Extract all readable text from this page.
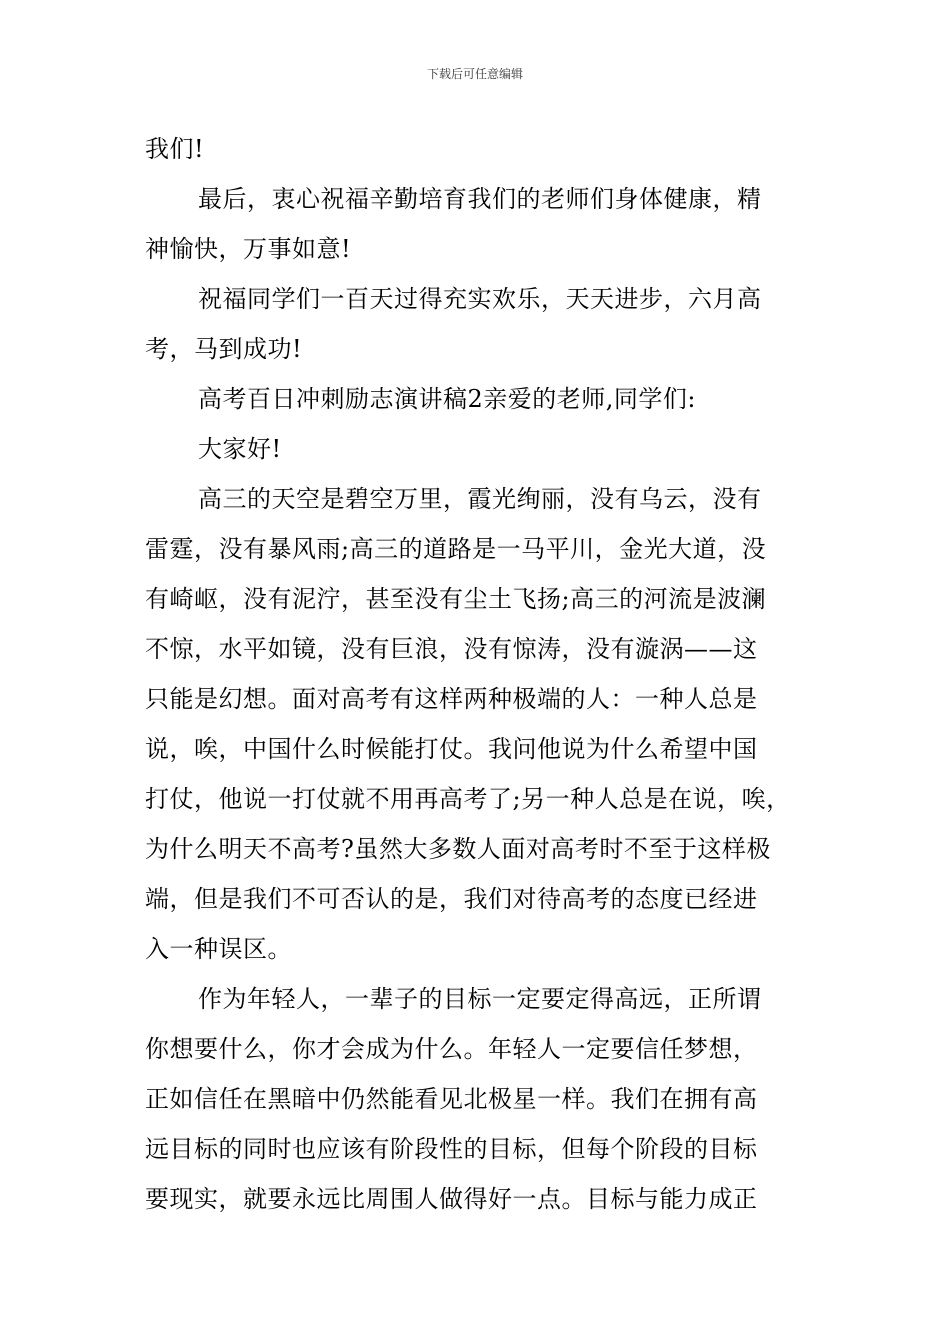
下载后可任意编辑
我们!
最后，衷心祝福辛勤培育我们的老师们身体健康，精
神愉快，万事如意!
祝福同学们一百天过得充实欢乐，天天进步，六月高
考，马到成功!
高考百日冲刺励志演讲稿2亲爱的老师,同学们:
大家好!
高三的天空是碧空万里，霞光绚丽，没有乌云，没有
雷霆，没有暴风雨;高三的道路是一马平川，金光大道，没
有崎岖，没有泥泞，甚至没有尘土飞扬;高三的河流是波澜
不惊，水平如镜，没有巨浪，没有惊涛，没有漩涡——这
只能是幻想。面对高考有这样两种极端的人：一种人总是
说，唉，中国什么时候能打仗。我问他说为什么希望中国
打仗，他说一打仗就不用再高考了;另一种人总是在说，唉，
为什么明天不高考?虽然大多数人面对高考时不至于这样极
端，但是我们不可否认的是，我们对待高考的态度已经进
入一种误区。
作为年轻人，一辈子的目标一定要定得高远，正所谓
你想要什么，你才会成为什么。年轻人一定要信任梦想，
正如信任在黑暗中仍然能看见北极星一样。我们在拥有高
远目标的同时也应该有阶段性的目标，但每个阶段的目标
要现实，就要永远比周围人做得好一点。目标与能力成正
